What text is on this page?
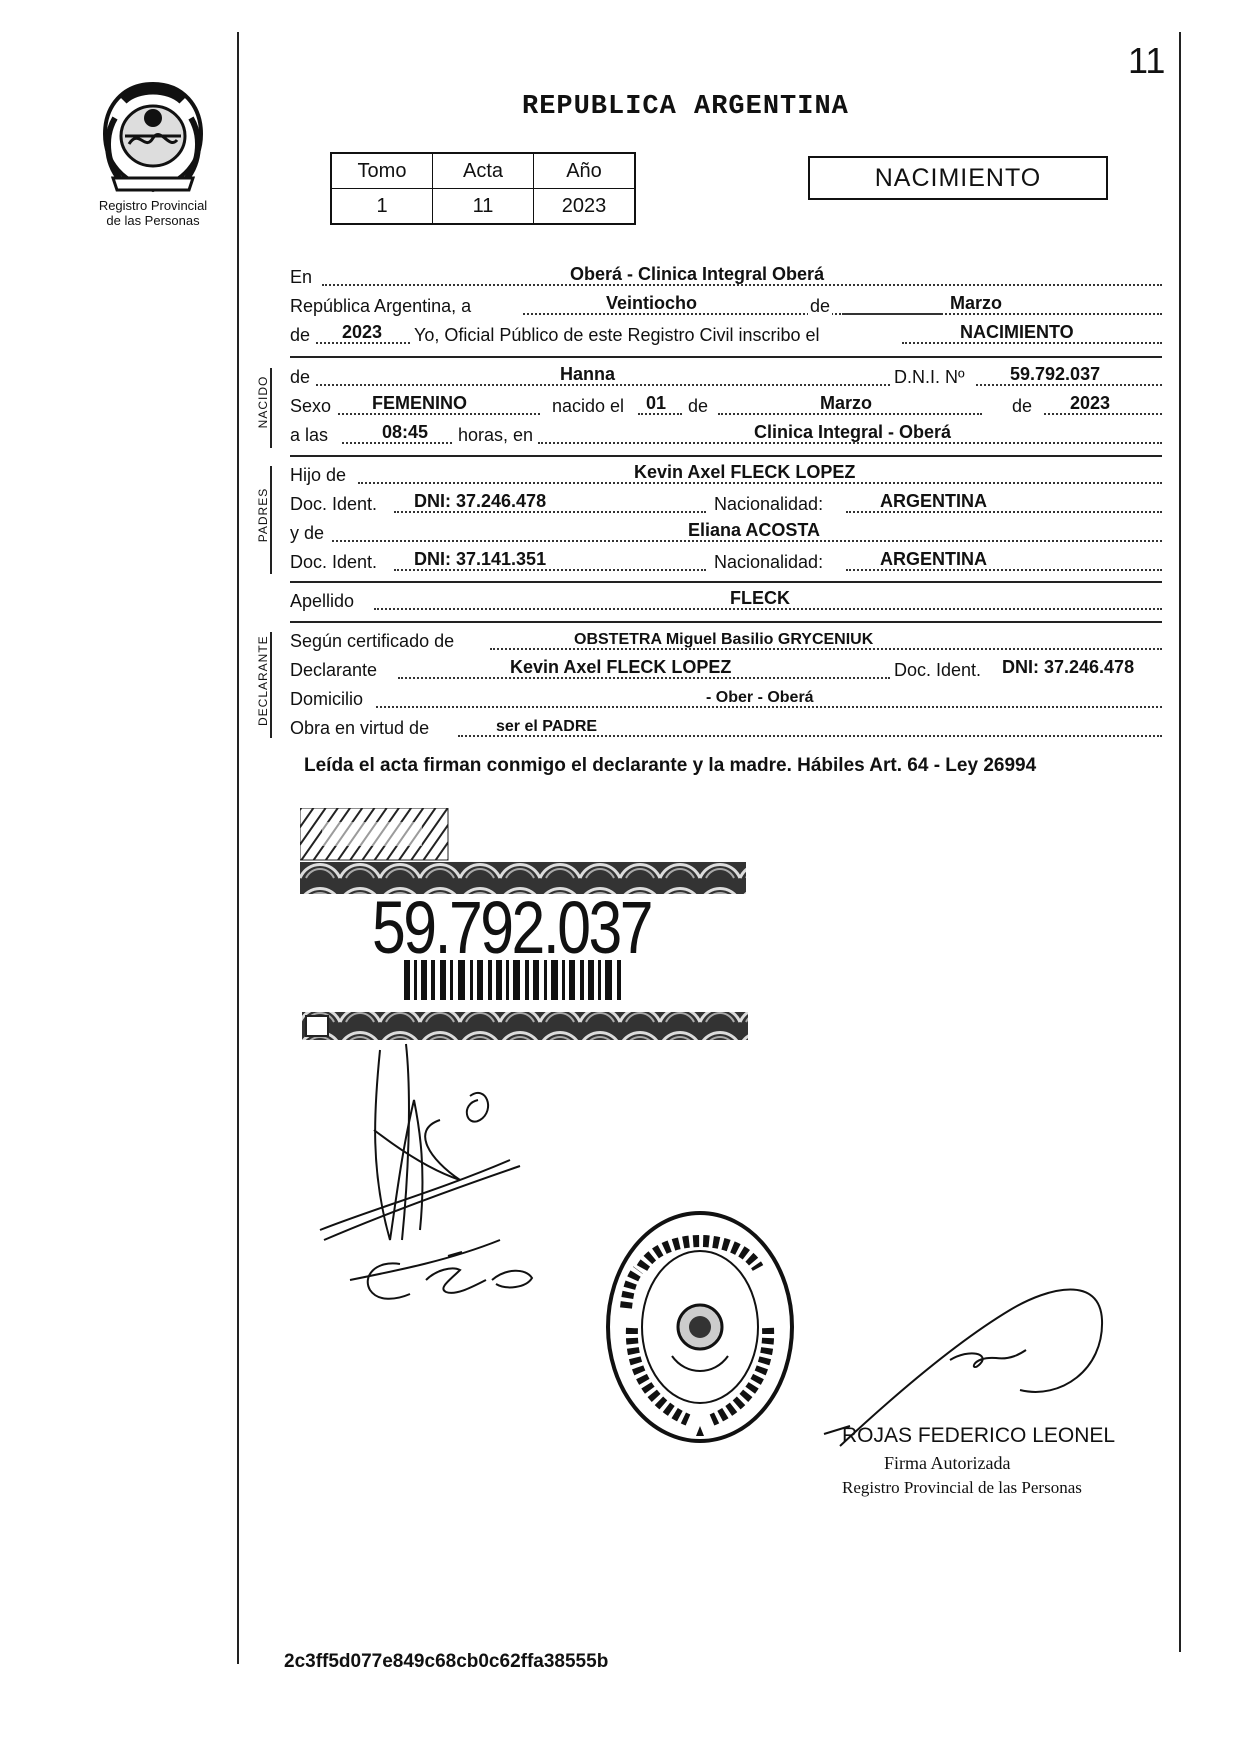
11
Registro Provincial
de las Personas
REPUBLICA ARGENTINA
Tomo	Acta	Año
1	11	2023
NACIMIENTO
En	Oberá - Clinica Integral Oberá
República Argentina, a	Veintiocho	de	Marzo
de 2023 Yo, Oficial Público de este Registro Civil inscribo el	NACIMIENTO
NACIDO de	Hanna	D.N.I. Nº	59.792.037
Sexo FEMENINO	nacido el 01 de	Marzo	de 2023
a las	08:45 horas, en	Clinica Integral - Oberá
PADRES
Hijo de	Kevin Axel FLECK LOPEZ
Doc. Ident. DNI: 37.246.478	Nacionalidad:	ARGENTINA
y de	Eliana ACOSTA
Doc. Ident. DNI: 37.141.351	Nacionalidad:	ARGENTINA
Apellido	FLECK
DECLARANTE Según certificado de	OBSTETRA Miguel Basilio GRYCENIUK
Declarante	Kevin Axel FLECK LOPEZ	Doc. Ident. DNI: 37.246.478
Domicilio	- Ober - Oberá
Obra en virtud de	ser el PADRE
Leída el acta firman conmigo el declarante y la madre. Hábiles Art. 64 - Ley 26994
59.792.037
ROJAS FEDERICO LEONEL
Firma Autorizada
Registro Provincial de las Personas
2c3ff5d077e849c68cb0c62ffa38555b
